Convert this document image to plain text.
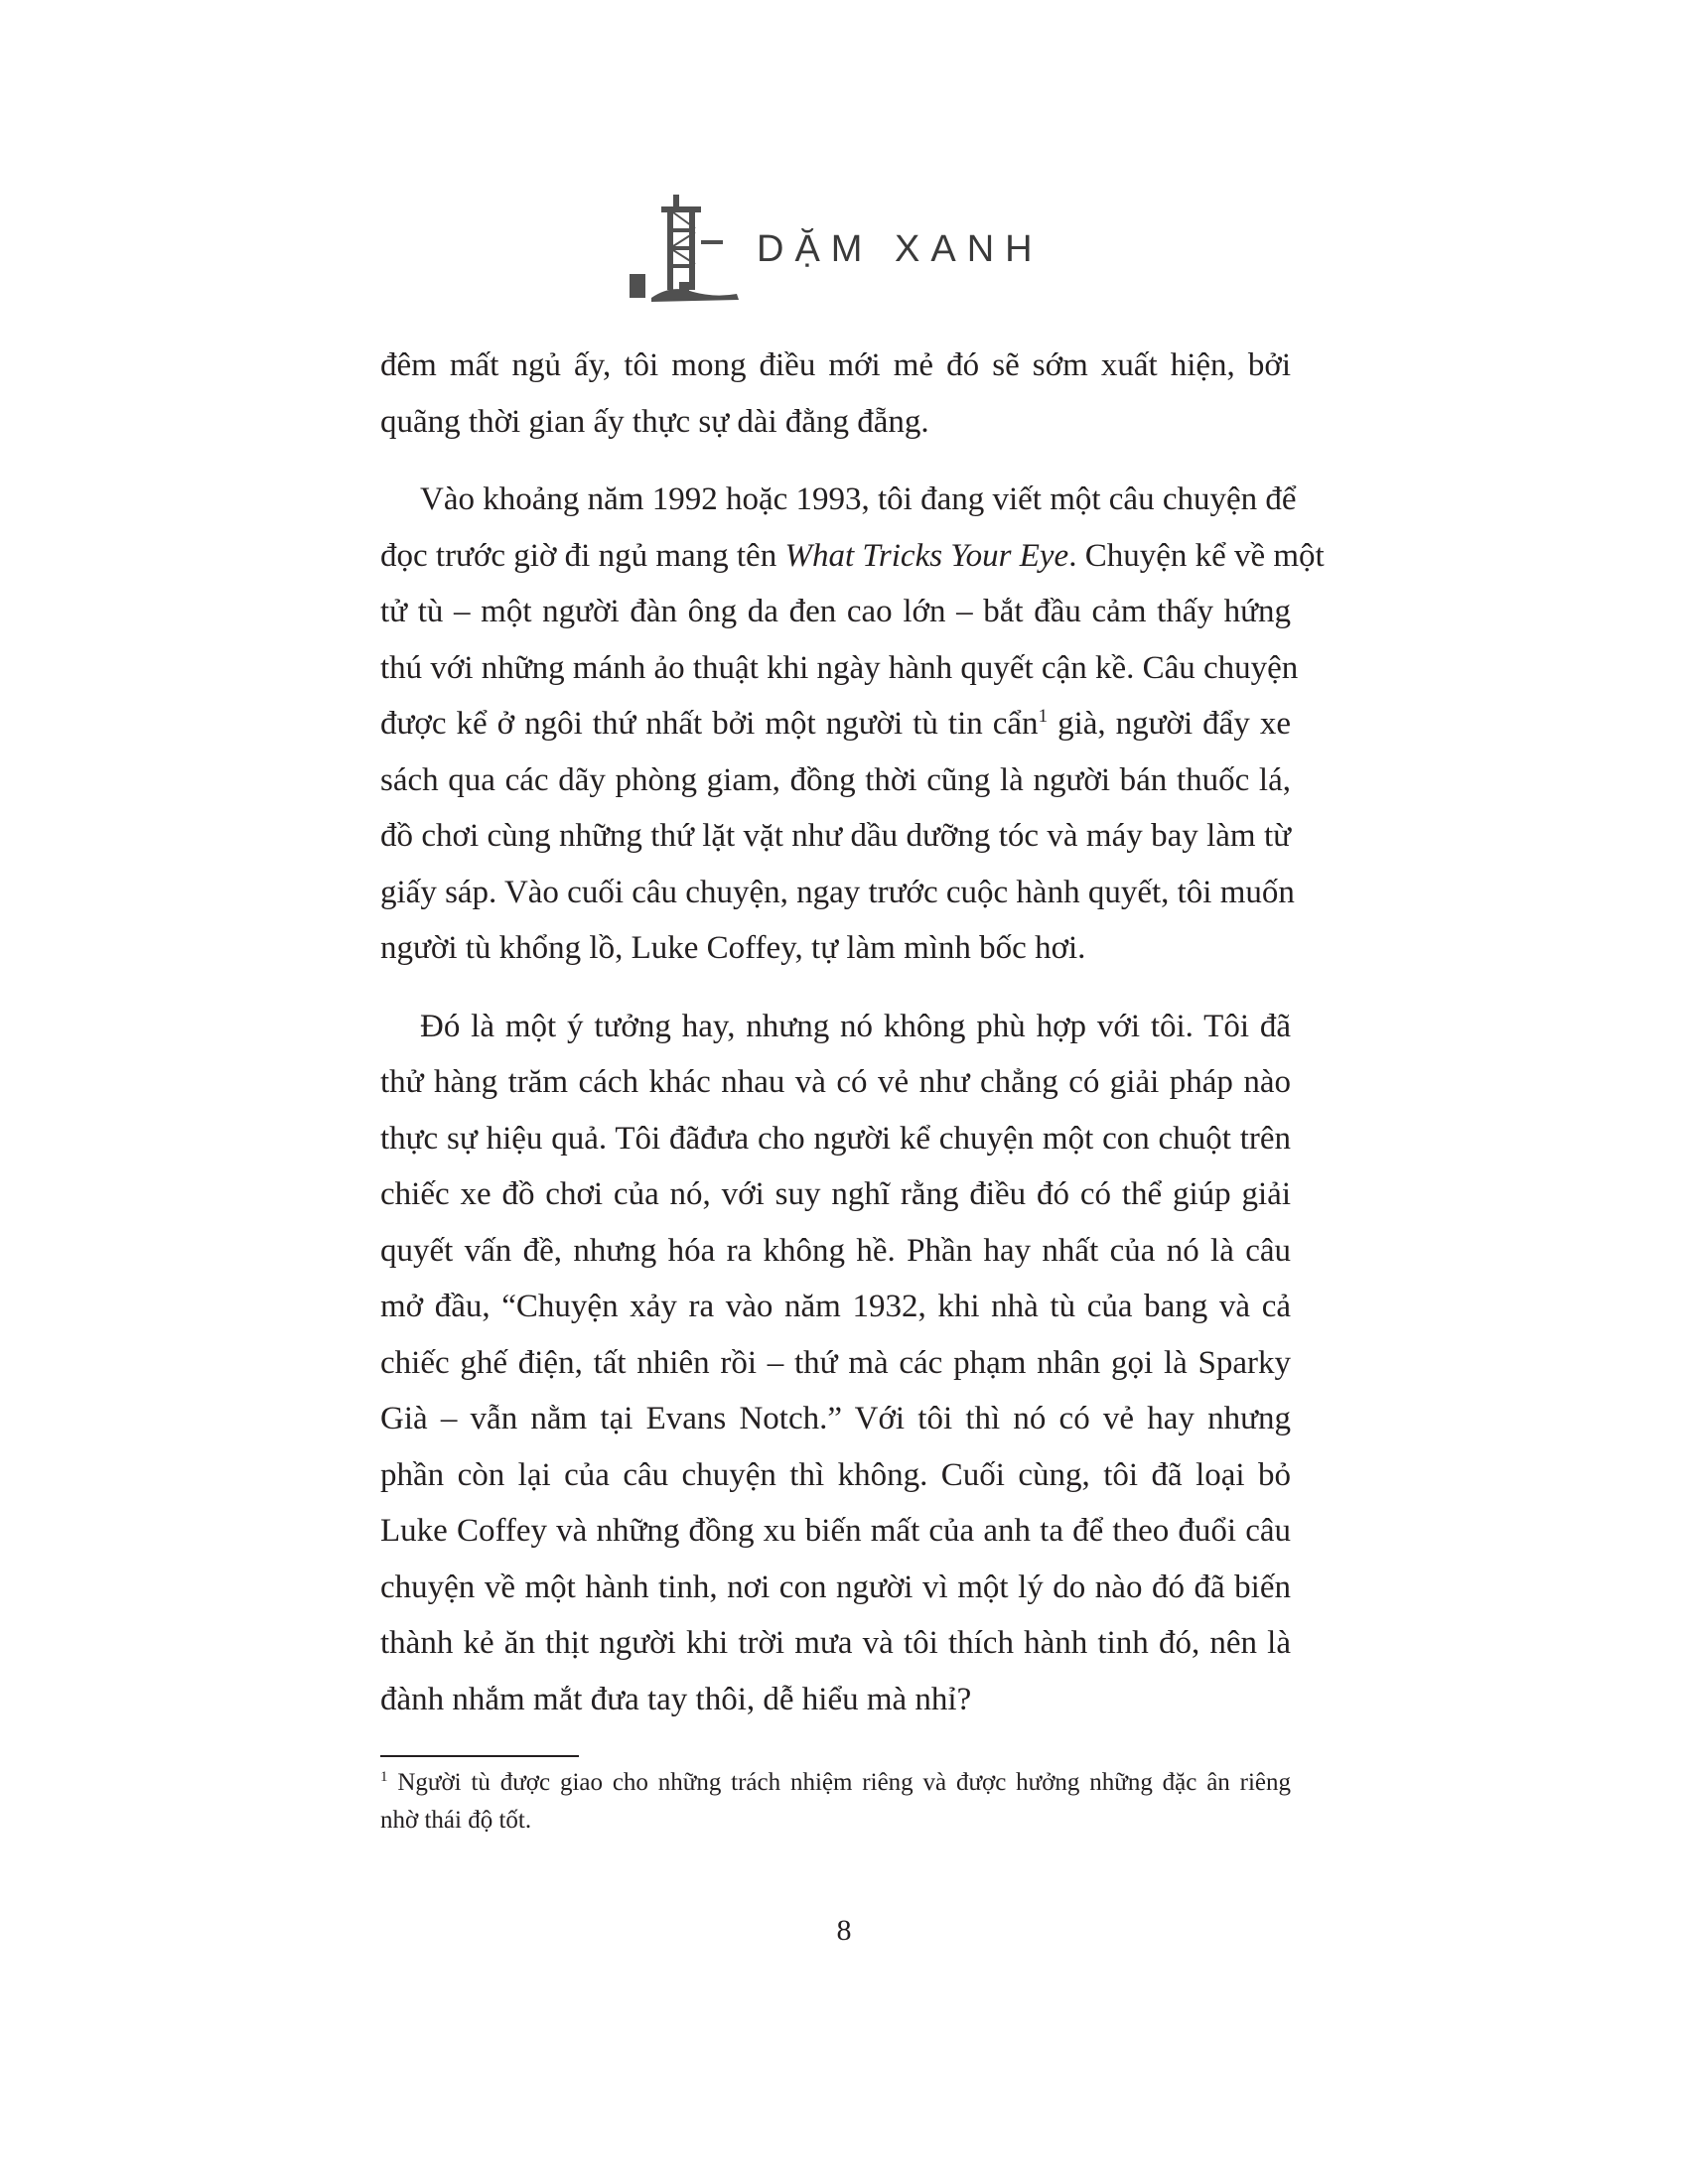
DẶM XANH
đêm mất ngủ ấy, tôi mong điều mới mẻ đó sẽ sớm xuất hiện, bởi
quãng thời gian ấy thực sự dài đằng đẵng.
Vào khoảng năm 1992 hoặc 1993, tôi đang viết một câu chuyện để
đọc trước giờ đi ngủ mang tên What Tricks Your Eye. Chuyện kể về một
tử tù – một người đàn ông da đen cao lớn – bắt đầu cảm thấy hứng
thú với những mánh ảo thuật khi ngày hành quyết cận kề. Câu chuyện
được kể ở ngôi thứ nhất bởi một người tù tin cẩn$^1$ già, người đẩy xe
sách qua các dãy phòng giam, đồng thời cũng là người bán thuốc lá,
đồ chơi cùng những thứ lặt vặt như dầu dưỡng tóc và máy bay làm từ
giấy sáp. Vào cuối câu chuyện, ngay trước cuộc hành quyết, tôi muốn
người tù khổng lồ, Luke Coffey, tự làm mình bốc hơi.
Đó là một ý tưởng hay, nhưng nó không phù hợp với tôi. Tôi đã
thử hàng trăm cách khác nhau và có vẻ như chẳng có giải pháp nào
thực sự hiệu quả. Tôi đãđưa cho người kể chuyện một con chuột trên
chiếc xe đồ chơi của nó, với suy nghĩ rằng điều đó có thể giúp giải
quyết vấn đề, nhưng hóa ra không hề. Phần hay nhất của nó là câu
mở đầu, “Chuyện xảy ra vào năm 1932, khi nhà tù của bang và cả
chiếc ghế điện, tất nhiên rồi – thứ mà các phạm nhân gọi là Sparky
Già – vẫn nằm tại Evans Notch.” Với tôi thì nó có vẻ hay nhưng
phần còn lại của câu chuyện thì không. Cuối cùng, tôi đã loại bỏ
Luke Coffey và những đồng xu biến mất của anh ta để theo đuổi câu
chuyện về một hành tinh, nơi con người vì một lý do nào đó đã biến
thành kẻ ăn thịt người khi trời mưa và tôi thích hành tinh đó, nên là
đành nhắm mắt đưa tay thôi, dễ hiểu mà nhỉ?
$^1$ Người tù được giao cho những trách nhiệm riêng và được hưởng những đặc ân riêng
nhờ thái độ tốt.
8
